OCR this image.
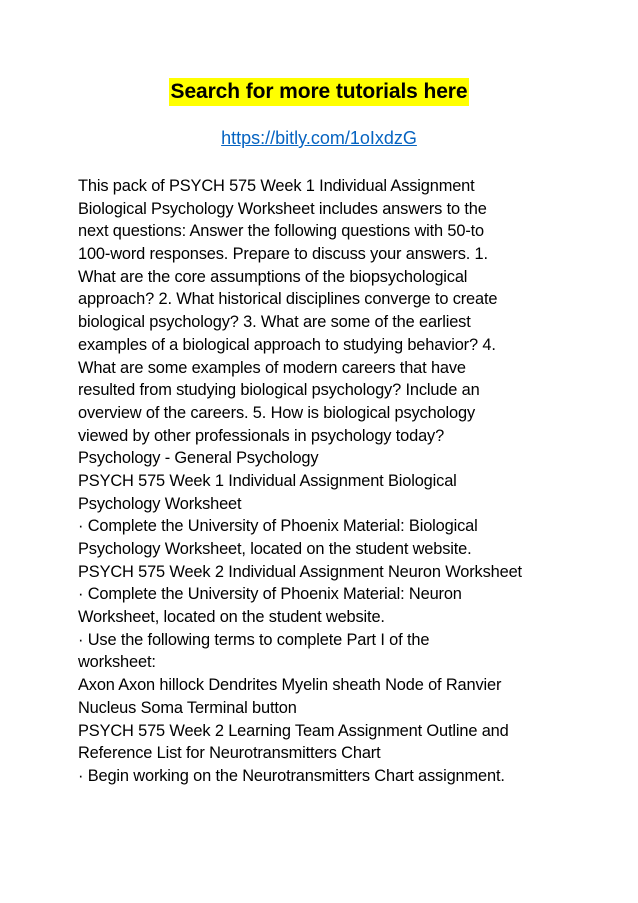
Search for more tutorials here
https://bitly.com/1oIxdzG
This pack of PSYCH 575 Week 1 Individual Assignment
Biological Psychology Worksheet includes answers to the
next questions: Answer the following questions with 50-to
100-word responses. Prepare to discuss your answers. 1.
What are the core assumptions of the biopsychological
approach? 2. What historical disciplines converge to create
biological psychology? 3. What are some of the earliest
examples of a biological approach to studying behavior? 4.
What are some examples of modern careers that have
resulted from studying biological psychology? Include an
overview of the careers. 5. How is biological psychology
viewed by other professionals in psychology today?
Psychology - General Psychology
PSYCH 575 Week 1 Individual Assignment Biological
Psychology Worksheet
· Complete the University of Phoenix Material: Biological
Psychology Worksheet, located on the student website.
PSYCH 575 Week 2 Individual Assignment Neuron Worksheet
· Complete the University of Phoenix Material: Neuron
Worksheet, located on the student website.
· Use the following terms to complete Part I of the
worksheet:
Axon Axon hillock Dendrites Myelin sheath Node of Ranvier
Nucleus Soma Terminal button
PSYCH 575 Week 2 Learning Team Assignment Outline and
Reference List for Neurotransmitters Chart
· Begin working on the Neurotransmitters Chart assignment.
